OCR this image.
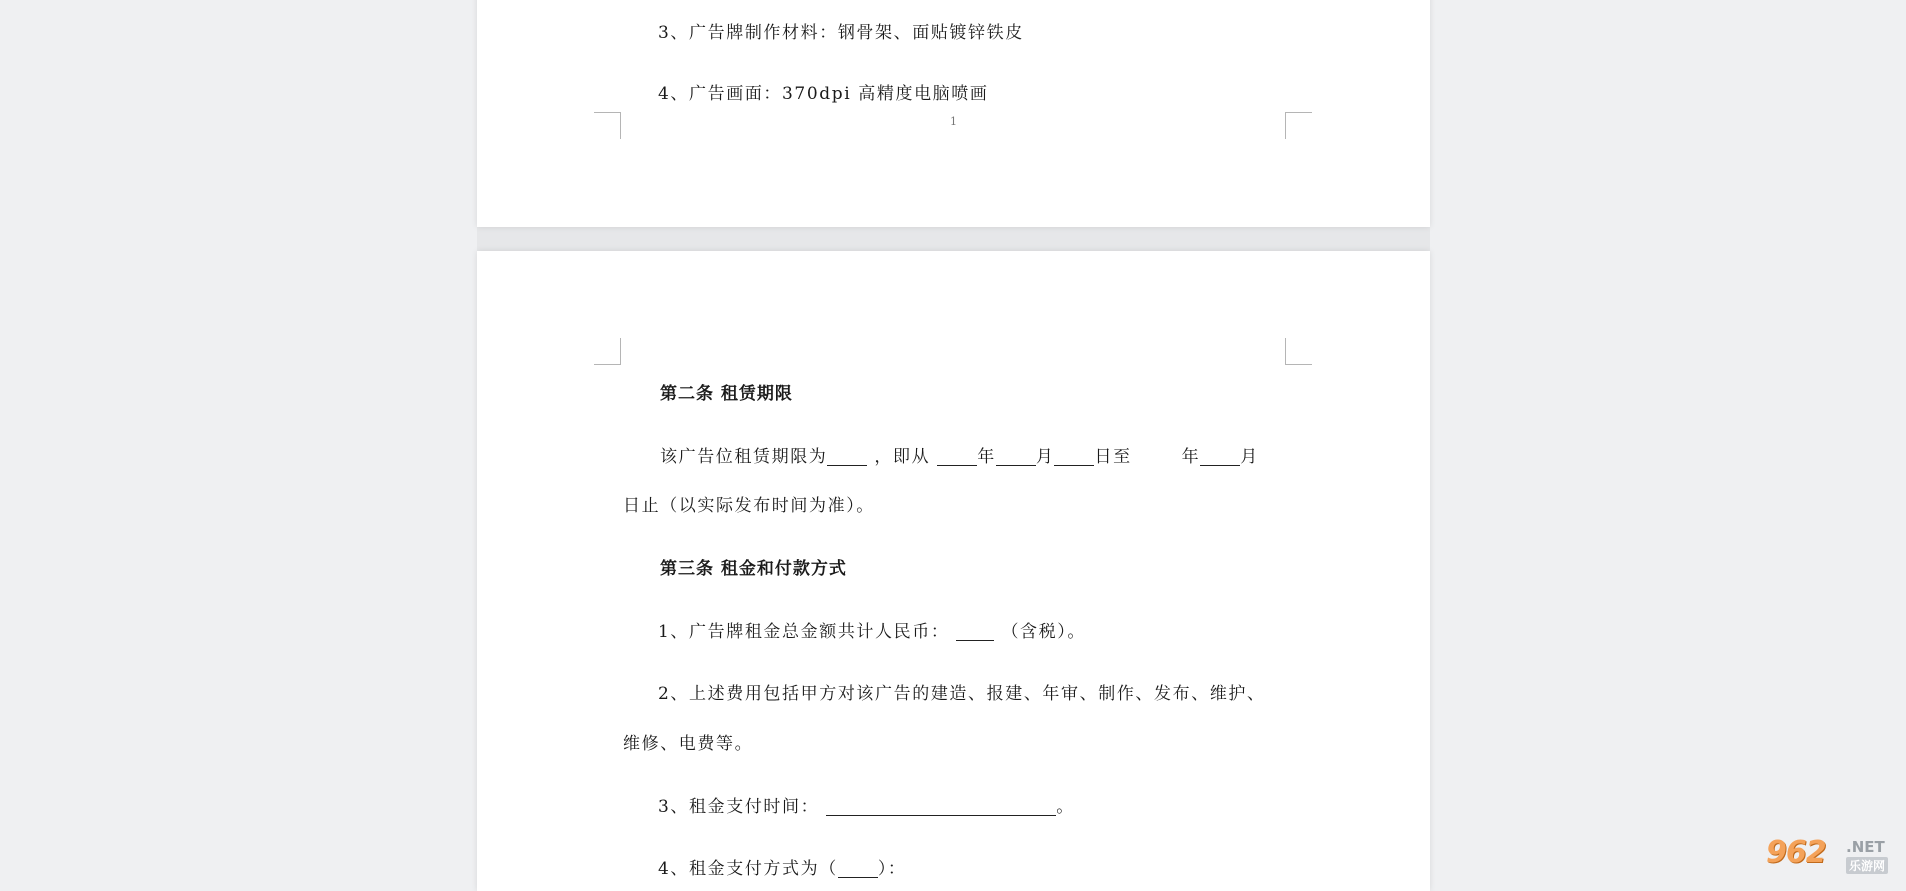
3、广告牌制作材料：钢骨架、面贴镀锌铁皮
4、广告画面：370dpi 高精度电脑喷画
1
第二条 租赁期限
该广告位租赁期限为	，即从	年 月 日至	年 月
日止（以实际发布时间为准）。
第三条 租金和付款方式
1、广告牌租金总金额共计人民币：	（含税）。
2、上述费用包括甲方对该广告的建造、报建、年审、制作、发布、维护、
维修、电费等。
3、租金支付时间：	。
4、租金支付方式为（ ）：	962 .NET
乐游网
